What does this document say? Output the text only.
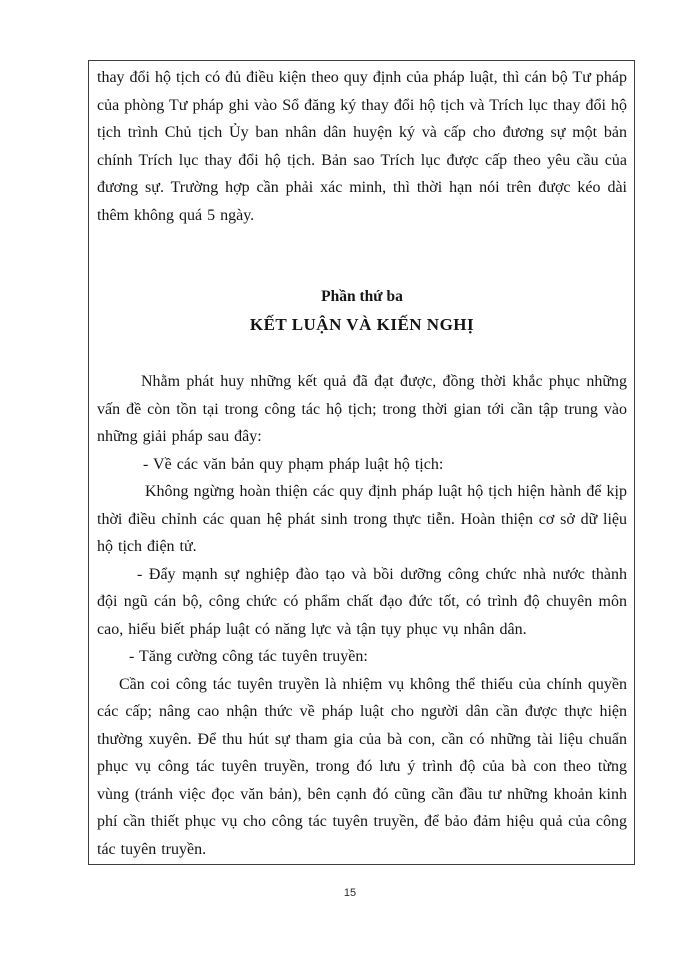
thay đổi hộ tịch có đủ điều kiện theo quy định của pháp luật, thì cán bộ Tư pháp của phòng Tư pháp ghi vào Sổ đăng ký thay đổi hộ tịch và Trích lục thay đổi hộ tịch trình Chủ tịch Ủy ban nhân dân huyện ký và cấp cho đương sự một bản chính Trích lục thay đổi hộ tịch. Bản sao Trích lục được cấp theo yêu cầu của đương sự. Trường hợp cần phải xác minh, thì thời hạn nói trên được kéo dài thêm không quá 5 ngày.

Phần thứ ba

KẾT LUẬN VÀ KIẾN NGHỊ

Nhằm phát huy những kết quả đã đạt được, đồng thời khắc phục những vấn đề còn tồn tại trong công tác hộ tịch; trong thời gian tới cần tập trung vào những giải pháp sau đây:

- Về các văn bản quy phạm pháp luật hộ tịch:

Không ngừng hoàn thiện các quy định pháp luật hộ tịch hiện hành để kịp thời điều chỉnh các quan hệ phát sinh trong thực tiễn. Hoàn thiện cơ sở dữ liệu hộ tịch điện tử.

- Đẩy mạnh sự nghiệp đào tạo và bồi dưỡng công chức nhà nước thành đội ngũ cán bộ, công chức có phẩm chất đạo đức tốt, có trình độ chuyên môn cao, hiểu biết pháp luật có năng lực và tận tụy phục vụ nhân dân.

- Tăng cường công tác tuyên truyền:

Cần coi công tác tuyên truyền là nhiệm vụ không thể thiếu của chính quyền các cấp; nâng cao nhận thức về pháp luật cho người dân cần được thực hiện thường xuyên. Để thu hút sự tham gia của bà con, cần có những tài liệu chuẩn phục vụ công tác tuyên truyền, trong đó lưu ý trình độ của bà con theo từng vùng (tránh việc đọc văn bản), bên cạnh đó cũng cần đầu tư những khoản kinh phí cần thiết phục vụ cho công tác tuyên truyền, để bảo đảm hiệu quả của công tác tuyên truyền.

15
